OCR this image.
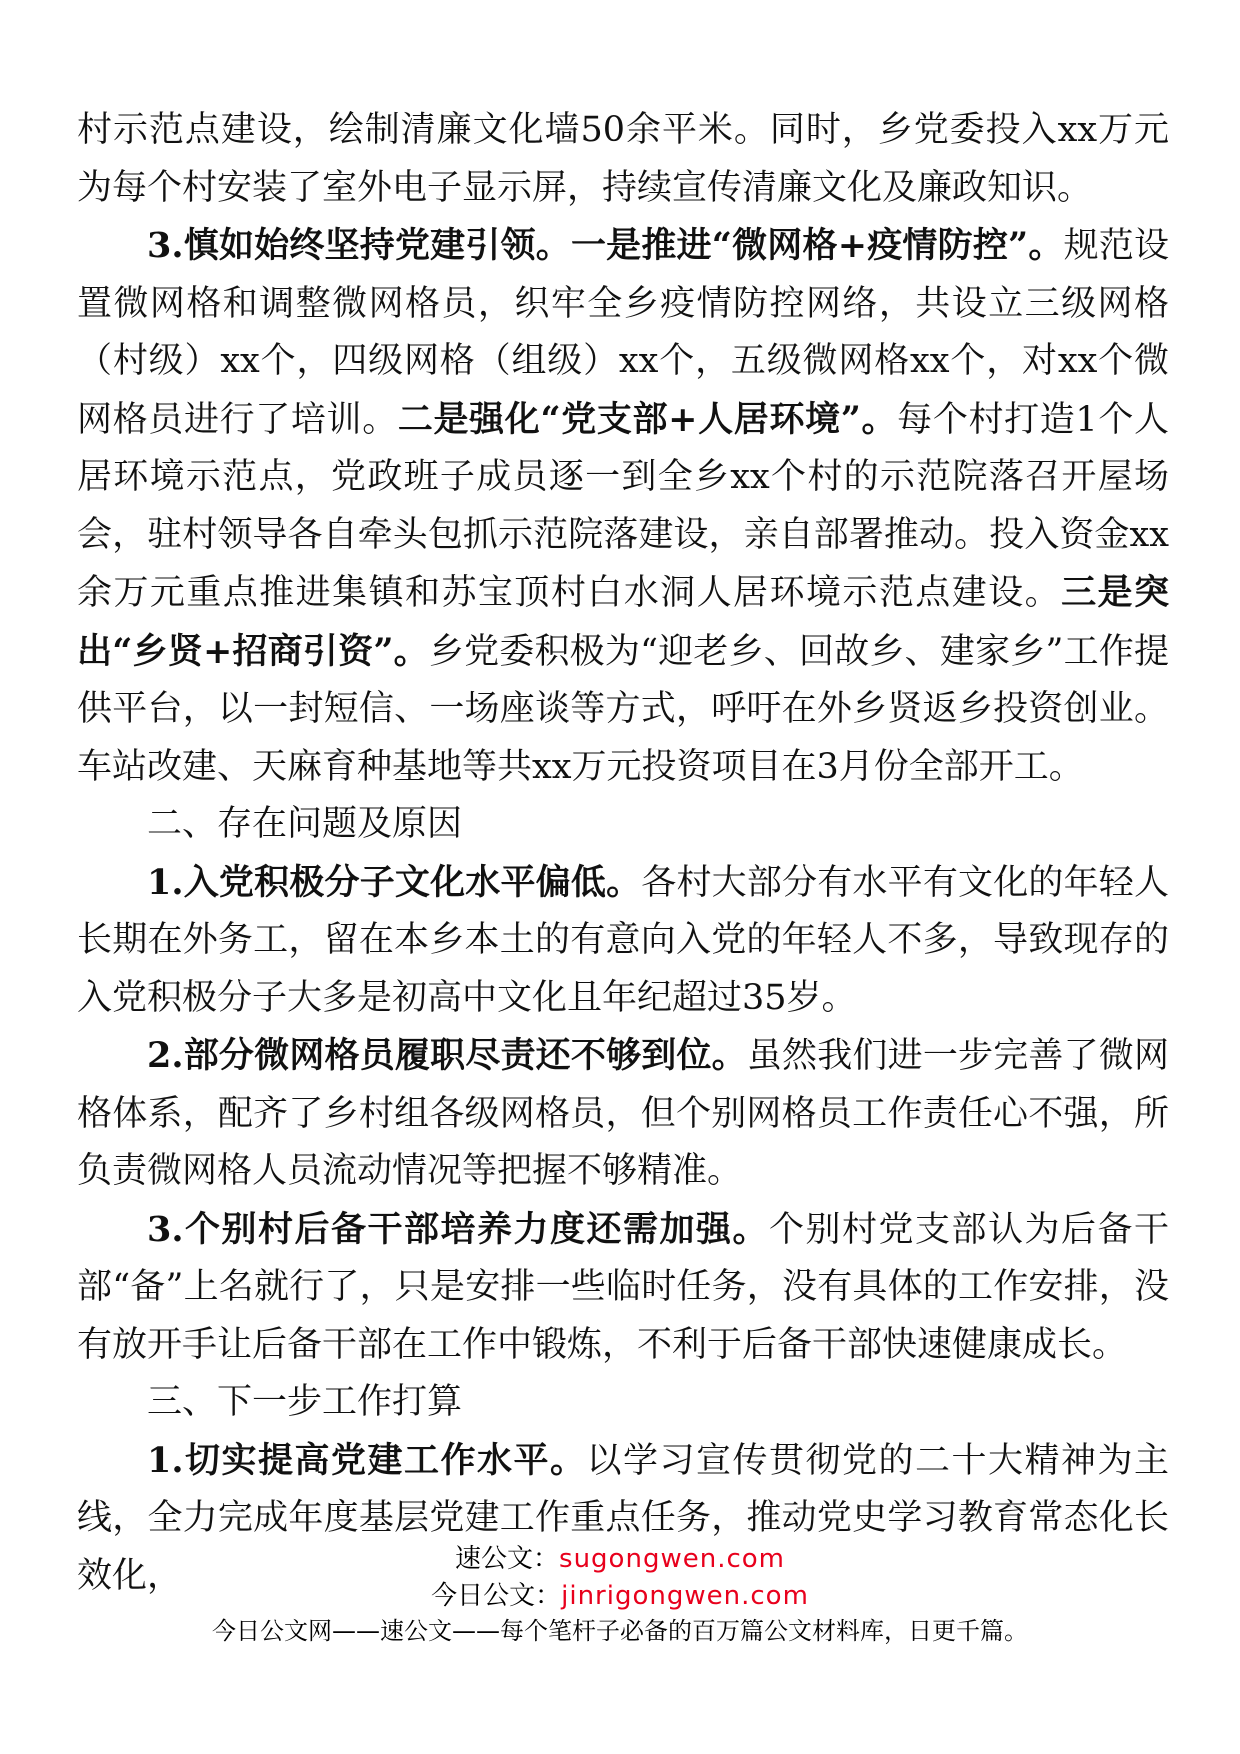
村示范点建设，绘制清廉文化墙50余平米。同时，乡党委投入xx万元为每个村安装了室外电子显示屏，持续宣传清廉文化及廉政知识。

3.慎如始终坚持党建引领。一是推进“微网格+疫情防控”。规范设置微网格和调整微网格员，织牢全乡疫情防控网络，共设立三级网格（村级）xx个，四级网格（组级）xx个，五级微网格xx个，对xx个微网格员进行了培训。二是强化“党支部+人居环境”。每个村打造1个人居环境示范点，党政班子成员逐一到全乡xx个村的示范院落召开屋场会，驻村领导各自牵头包抓示范院落建设，亲自部署推动。投入资金xx余万元重点推进集镇和苏宝顶村白水洞人居环境示范点建设。三是突出“乡贤+招商引资”。乡党委积极为“迎老乡、回故乡、建家乡”工作提供平台，以一封短信、一场座谈等方式，呼吁在外乡贤返乡投资创业。车站改建、天麻育种基地等共xx万元投资项目在3月份全部开工。

二、存在问题及原因

1.入党积极分子文化水平偏低。各村大部分有水平有文化的年轻人长期在外务工，留在本乡本土的有意向入党的年轻人不多，导致现存的入党积极分子大多是初高中文化且年纪超过35岁。

2.部分微网格员履职尽责还不够到位。虽然我们进一步完善了微网格体系，配齐了乡村组各级网格员，但个别网格员工作责任心不强，所负责微网格人员流动情况等把握不够精准。

3.个别村后备干部培养力度还需加强。个别村党支部认为后备干部“备”上名就行了，只是安排一些临时任务，没有具体的工作安排，没有放开手让后备干部在工作中锻炼，不利于后备干部快速健康成长。

三、下一步工作打算

1.切实提高党建工作水平。以学习宣传贯彻党的二十大精神为主线，全力完成年度基层党建工作重点任务，推动党史学习教育常态化长效化，	速公文：sugongwen.com
今日公文：jinrigongwen.com
今日公文网——速公文——每个笔杆子必备的百万篇公文材料库，日更千篇。
